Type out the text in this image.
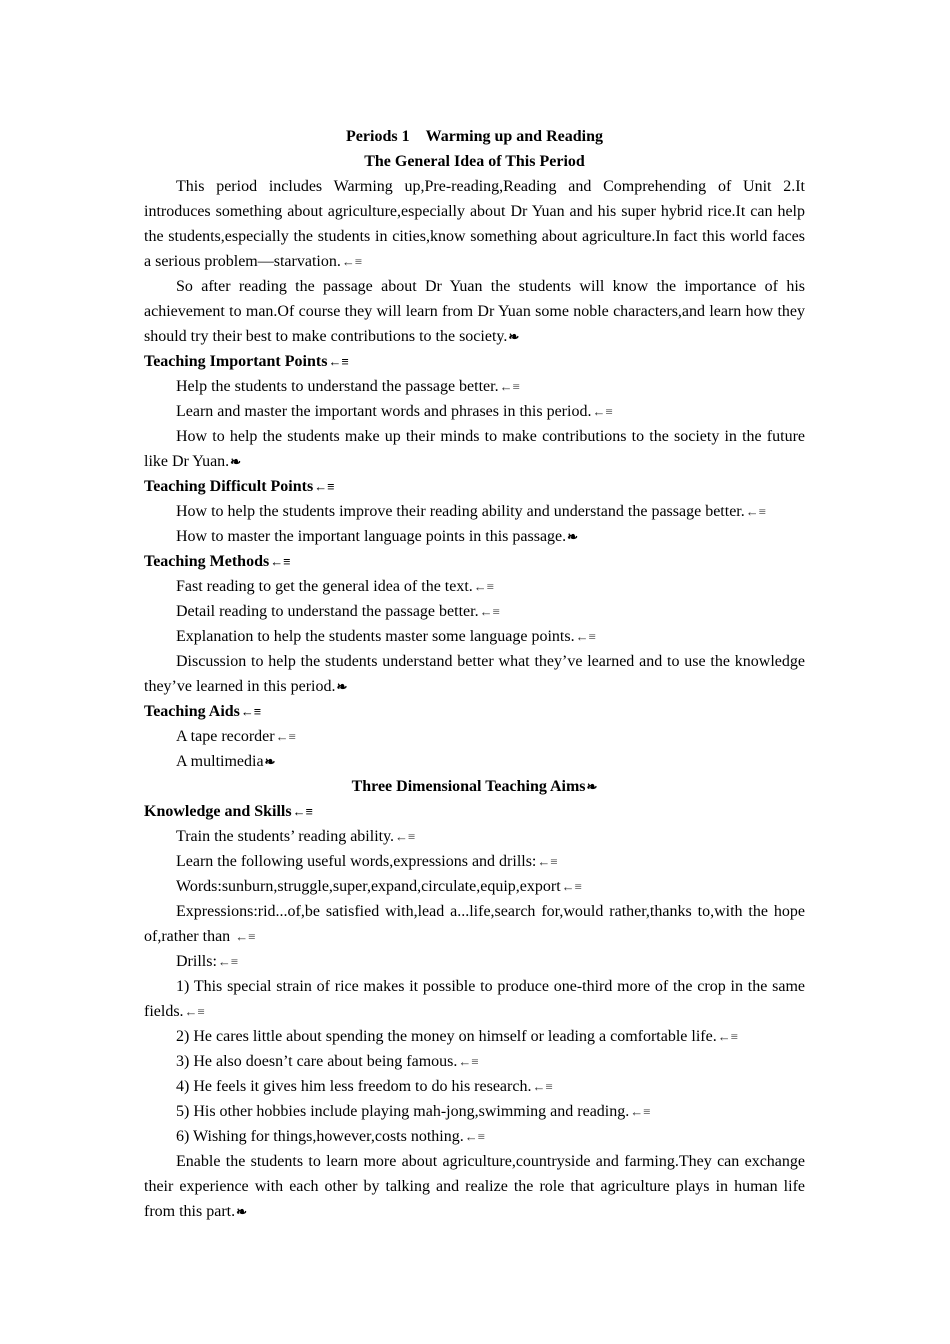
Periods 1 Warming up and Reading
The General Idea of This Period
This period includes Warming up,Pre-reading,Reading and Comprehending of Unit 2.It introduces something about agriculture,especially about Dr Yuan and his super hybrid rice.It can help the students,especially the students in cities,know something about agriculture.In fact this world faces a serious problem—starvation.←≡
So after reading the passage about Dr Yuan the students will know the importance of his achievement to man.Of course they will learn from Dr Yuan some noble characters,and learn how they should try their best to make contributions to the society.❧
Teaching Important Points←≡
Help the students to understand the passage better.←≡
Learn and master the important words and phrases in this period.←≡
How to help the students make up their minds to make contributions to the society in the future like Dr Yuan.❧
Teaching Difficult Points←≡
How to help the students improve their reading ability and understand the passage better.←≡
How to master the important language points in this passage.❧
Teaching Methods←≡
Fast reading to get the general idea of the text.←≡
Detail reading to understand the passage better.←≡
Explanation to help the students master some language points.←≡
Discussion to help the students understand better what they’ve learned and to use the knowledge they’ve learned in this period.❧
Teaching Aids←≡
A tape recorder←≡
A multimedia❧
Three Dimensional Teaching Aims❧
Knowledge and Skills←≡
Train the students’ reading ability.←≡
Learn the following useful words,expressions and drills:←≡
Words:sunburn,struggle,super,expand,circulate,equip,export←≡
Expressions:rid...of,be satisfied with,lead a...life,search for,would rather,thanks to,with the hope of,rather than ←≡
Drills:←≡
1) This special strain of rice makes it possible to produce one-third more of the crop in the same fields.←≡
2) He cares little about spending the money on himself or leading a comfortable life.←≡
3) He also doesn’t care about being famous.←≡
4) He feels it gives him less freedom to do his research.←≡
5) His other hobbies include playing mah-jong,swimming and reading.←≡
6) Wishing for things,however,costs nothing.←≡
Enable the students to learn more about agriculture,countryside and farming.They can exchange their experience with each other by talking and realize the role that agriculture plays in human life from this part.❧
